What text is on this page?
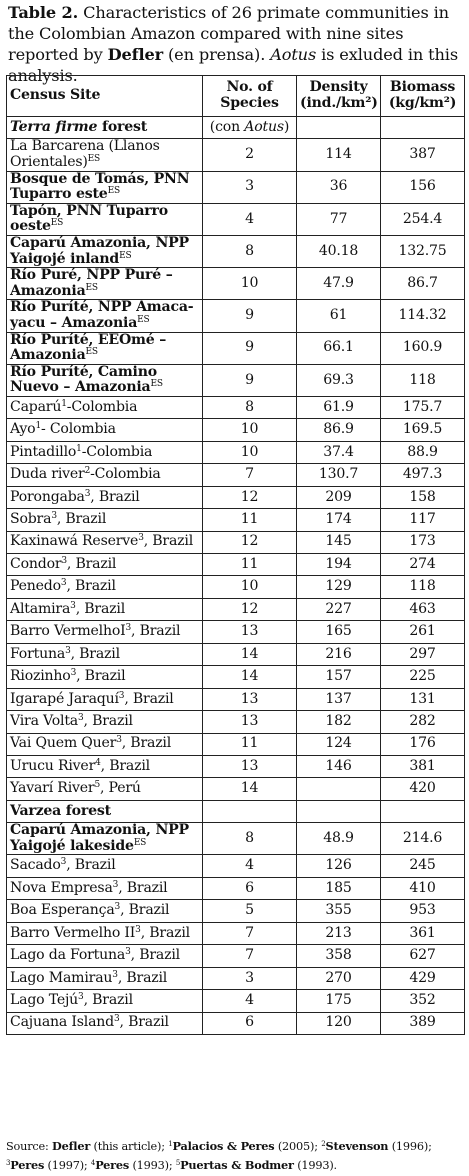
Table 2. Characteristics of 26 primate communities in the Colombian Amazon compared with nine sites reported by Defler (en prensa). Aotus is exluded in this analysis.
Census Site	No. of Species	Density (ind./km²)	Biomass (kg/km²)
Terra firme forest	(con Aotus)		
La Barcarena (Llanos Orientales)$^{ES}$	2	114	387
Bosque de Tomás, PNN Tuparro este$^{ES}$	3	36	156
Tapón, PNN Tuparro oeste$^{ES}$	4	77	254.4
Caparú Amazonia, NPP Yaigojé inland$^{ES}$	8	40.18	132.75
Río Puré, NPP Puré – Amazonia$^{ES}$	10	47.9	86.7
Río Puríté, NPP Amaca-yacu – Amazonia$^{ES}$	9	61	114.32
Río Puríté, EEOmé – Amazonia$^{ES}$	9	66.1	160.9
Río Puríté, Camino Nuevo – Amazonia$^{ES}$	9	69.3	118
Caparú$^1$-Colombia	8	61.9	175.7
Ayo$^1$- Colombia	10	86.9	169.5
Pintadillo$^1$-Colombia	10	37.4	88.9
Duda river$^2$-Colombia	7	130.7	497.3
Porongaba$^3$, Brazil	12	209	158
Sobra$^3$, Brazil	11	174	117
Kaxinawá Reserve$^3$, Brazil	12	145	173
Condor$^3$, Brazil	11	194	274
Penedo$^3$, Brazil	10	129	118
Altamira$^3$, Brazil	12	227	463
Barro VermelhoI$^3$, Brazil	13	165	261
Fortuna$^3$, Brazil	14	216	297
Riozinho$^3$, Brazil	14	157	225
Igarapé Jaraquí$^3$, Brazil	13	137	131
Vira Volta$^3$, Brazil	13	182	282
Vai Quem Quer$^3$, Brazil	11	124	176
Urucu River$^4$, Brazil	13	146	381
Yavarí River$^5$, Perú	14		420
Varzea forest			
Caparú Amazonia, NPP Yaigojé lakeside$^{ES}$	8	48.9	214.6
Sacado$^3$, Brazil	4	126	245
Nova Empresa$^3$, Brazil	6	185	410
Boa Esperança$^3$, Brazil	5	355	953
Barro Vermelho $II^3$, Brazil	7	213	361
Lago da Fortuna$^3$, Brazil	7	358	627
Lago Mamirau$^3$, Brazil	3	270	429
Lago Tejú$^3$, Brazil	4	175	352
Cajuana Island$^3$, Brazil	6	120	389
Source: Defler (this article); $^1$Palacios & Peres (2005); $^2$Stevenson (1996); $^3$Peres (1997); $^4$Peres (1993); $^5$Puertas & Bodmer (1993).
